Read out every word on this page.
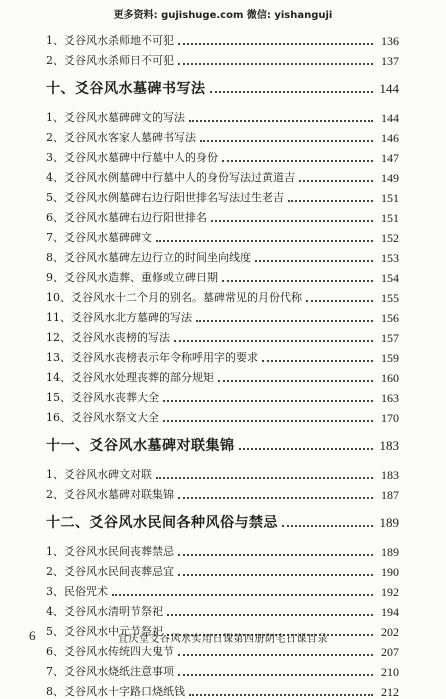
更多资料: gujishuge.com 微信: yishanguji
1、爻谷风水杀师地不可犯	136
2、爻谷风水杀师日不可犯	137
十、爻谷风水墓碑书写法	144
1、爻谷风水墓碑碑文的写法	144
2、爻谷风水客家人墓碑书写法	146
3、爻谷风水墓碑中行墓中人的身份	147
4、爻谷风水例墓碑中行墓中人的身份写法过黄道吉	149
5、爻谷风水例墓碑右边行阳世排名写法过生老吉	151
6、爻谷风水墓碑右边行阳世排名	151
7、爻谷风水墓碑碑文	152
8、爻谷风水墓碑左边行立的时间坐向线度	153
9、爻谷风水造葬、重修或立碑日期	154
10、爻谷风水十二个月的别名。墓碑常见的月份代称	155
11、爻谷风水北方墓碑的写法	156
12、爻谷风水丧榜的写法	157
13、爻谷风水丧榜表示年令称呼用字的要求	159
14、爻谷风水处理丧葬的部分规矩	160
15、爻谷风水丧葬大全	163
16、爻谷风水祭文大全	170
十一、爻谷风水墓碑对联集锦	183
1、爻谷风水碑文对联	183
2、爻谷风水墓碑对联集锦	187
十二、爻谷风水民间各种风俗与禁忌	189
1、爻谷风水民间丧葬禁忌	189
2、爻谷风水民间丧葬忌宜	190
3、民俗咒术	192
4、爻谷风水清明节祭祀	194
5、爻谷风水中元节祭祀	202
6、爻谷风水传统四大鬼节	207
7、爻谷风水烧纸注意事项	210
8、爻谷风水十字路口烧纸钱	212
6	宜庆堂爻谷风水实用日课第四册阴宅日课目录
